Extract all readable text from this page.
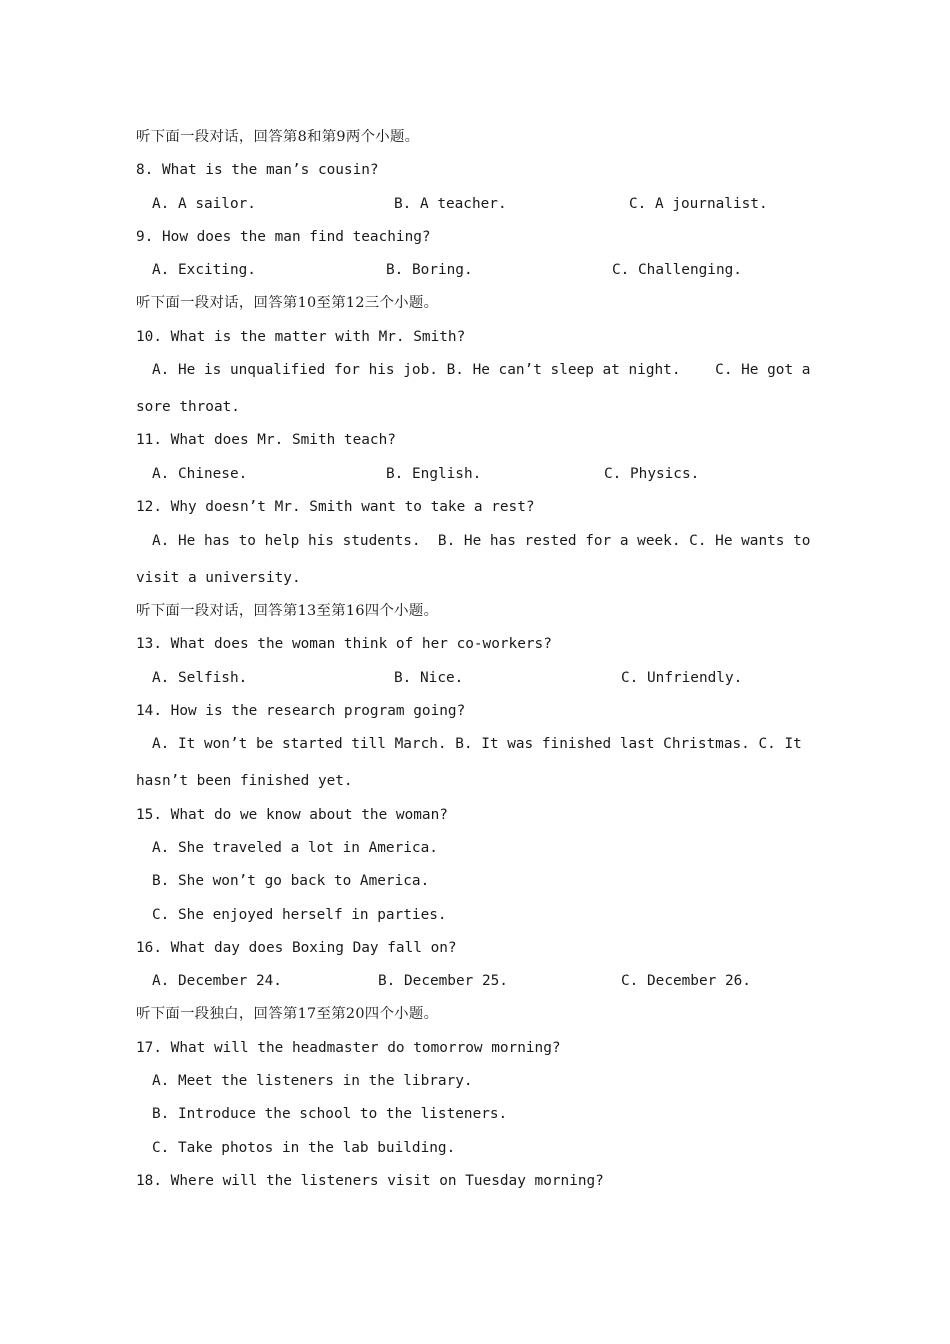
听下面一段对话，回答第8和第9两个小题。
8. What is the man’s cousin?
A. A sailor.	B. A teacher.	C. A journalist.
9. How does the man find teaching?
A. Exciting.	B. Boring.	C. Challenging.
听下面一段对话，回答第10至第12三个小题。
10. What is the matter with Mr. Smith?
A. He is unqualified for his job. B. He can’t sleep at night.    C. He got a
sore throat.
11. What does Mr. Smith teach?
A. Chinese.	B. English.	C. Physics.
12. Why doesn’t Mr. Smith want to take a rest?
A. He has to help his students.  B. He has rested for a week. C. He wants to
visit a university.
听下面一段对话，回答第13至第16四个小题。
13. What does the woman think of her co-workers?
A. Selfish.	B. Nice.	C. Unfriendly.
14. How is the research program going?
A. It won’t be started till March. B. It was finished last Christmas. C. It
hasn’t been finished yet.
15. What do we know about the woman?
A. She traveled a lot in America.
B. She won’t go back to America.
C. She enjoyed herself in parties.
16. What day does Boxing Day fall on?
A. December 24.	B. December 25.	C. December 26.
听下面一段独白，回答第17至第20四个小题。
17. What will the headmaster do tomorrow morning?
A. Meet the listeners in the library.
B. Introduce the school to the listeners.
C. Take photos in the lab building.
18. Where will the listeners visit on Tuesday morning?
